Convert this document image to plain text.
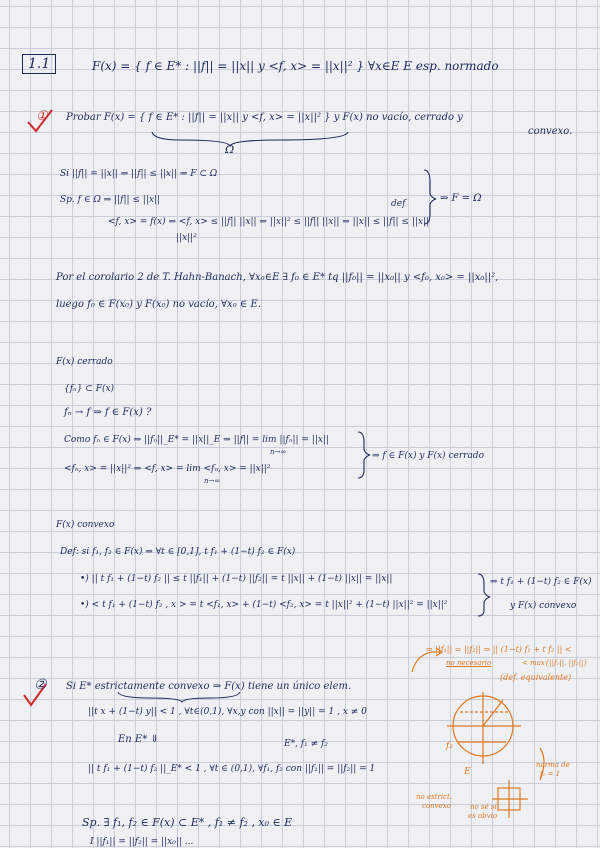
1.1	F(x) = { f ∈ E* : ||f|| = ||x|| y <f, x> = ||x||² } ∀x∈E E esp. normado
① Probar F(x) = { f ∈ E* : ||f|| = ||x|| y <f, x> = ||x||² } y F(x) no vacío, cerrado y
convexo.
Ω
Si ||f|| = ||x|| ⇒ ||f|| ≤ ||x|| ⇒ F ⊂ Ω
Sp. f ∈ Ω ⇒ ||f|| ≤ ||x||
<f, x> = f(x) ⇒ <f, x> ≤ ||f|| ||x|| ⇒ ||x||² ≤ ||f|| ||x|| ⇒ ||x|| ≤ ||f|| ≤ ||x||
||x||²
def	⇒ F = Ω
Por el corolario 2 de T. Hahn-Banach, ∀x₀∈E ∃ f₀ ∈ E* tq ||f₀|| = ||x₀|| y <f₀, x₀> = ||x₀||²,
luego f₀ ∈ F(x₀) y F(x₀) no vacío, ∀x₀ ∈ E.
F(x) cerrado
{fₙ} ⊂ F(x)
fₙ → f ⇒ f ∈ F(x) ?
Como fₙ ∈ F(x) ⇒ ||fₙ||_E* = ||x||_E ⇒ ||f|| = lim ||fₙ|| = ||x||
n→∞
<fₙ, x> = ||x||² ⇒ <f, x> = lim <fₙ, x> = ||x||²
n→∞
⇒ f ∈ F(x) y F(x) cerrado
F(x) convexo
Def: si f₁, f₂ ∈ F(x) ⇒ ∀t ∈ [0,1], t f₁ + (1−t) f₂ ∈ F(x)
•) || t f₁ + (1−t) f₂ || ≤ t ||f₁|| + (1−t) ||f₂|| = t ||x|| + (1−t) ||x|| = ||x||
•) < t f₁ + (1−t) f₂ , x > = t <f₁, x> + (1−t) <f₂, x> = t ||x||² + (1−t) ||x||² = ||x||²
⇒ t f₁ + (1−t) f₂ ∈ F(x)
y F(x) convexo
② Si E* estrictamente convexo ⇒ F(x) tiene un único elem.
||t x + (1−t) y|| < 1 , ∀t∈(0,1), ∀x,y con ||x|| = ||y|| = 1 , x ≠ 0
En E* ⇓	E*, f₁ ≠ f₂
|| t f₁ + (1−t) f₂ ||_E* < 1 , ∀t ∈ (0,1), ∀f₁, f₂ con ||f₁|| = ||f₂|| = 1
Sp. ∃ f₁, f₂ ∈ F(x) ⊂ E* , f₁ ≠ f₂ , x₀ ∈ E
I ||f₁|| = ||f₂|| = ||x₀|| ...
⇒ ||f₁|| = ||f₂|| ⇒ || (1−t) f₁ + t f₂ || <
no necesario	< max{||f₁||, ||f₂||}
(def. equivalente)
f₂
E
norma de
f₁ = 1
no estrict.
convexo	no sé si
es obvio
